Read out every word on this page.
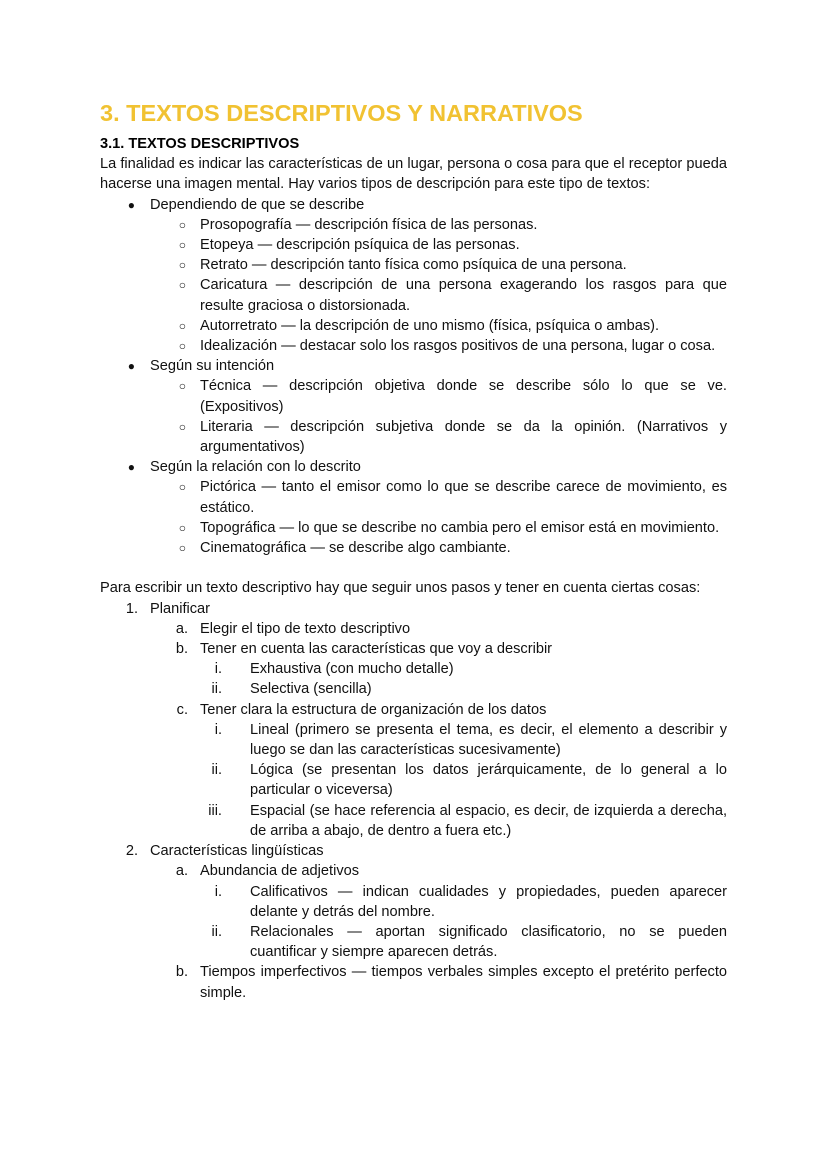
3. TEXTOS DESCRIPTIVOS Y NARRATIVOS
3.1. TEXTOS DESCRIPTIVOS

La finalidad es indicar las características de un lugar, persona o cosa para que el receptor pueda hacerse una imagen mental. Hay varios tipos de descripción para este tipo de textos:

●	Dependiendo de que se describe
○ Prosopografía — descripción física de las personas.
○ Etopeya — descripción psíquica de las personas.
○ Retrato — descripción tanto física como psíquica de una persona.
○ Caricatura — descripción de una persona exagerando los rasgos para que resulte graciosa o distorsionada.
○ Autorretrato — la descripción de uno mismo (física, psíquica o ambas).
○ Idealización — destacar solo los rasgos positivos de una persona, lugar o cosa.
●	Según su intención
○ Técnica — descripción objetiva donde se describe sólo lo que se ve. (Expositivos)
○ Literaria — descripción subjetiva donde se da la opinión. (Narrativos y argumentativos)
●	Según la relación con lo descrito
○ Pictórica — tanto el emisor como lo que se describe carece de movimiento, es estático.
○ Topográfica — lo que se describe no cambia pero el emisor está en movimiento.
○ Cinematográfica — se describe algo cambiante.

Para escribir un texto descriptivo hay que seguir unos pasos y tener en cuenta ciertas cosas:

1. Planificar
a. Elegir el tipo de texto descriptivo
b. Tener en cuenta las características que voy a describir
i.	Exhaustiva (con mucho detalle)
ii.	Selectiva (sencilla)
c. Tener clara la estructura de organización de los datos
i.	Lineal (primero se presenta el tema, es decir, el elemento a describir y luego se dan las características sucesivamente)
ii.	Lógica (se presentan los datos jerárquicamente, de lo general a lo particular o viceversa)
iii.	Espacial (se hace referencia al espacio, es decir, de izquierda a derecha, de arriba a abajo, de dentro a fuera etc.)
2. Características lingüísticas
a. Abundancia de adjetivos
i.	Calificativos — indican cualidades y propiedades, pueden aparecer delante y detrás del nombre.
ii.	Relacionales — aportan significado clasificatorio, no se pueden cuantificar y siempre aparecen detrás.
b. Tiempos imperfectivos — tiempos verbales simples excepto el pretérito perfecto simple.
